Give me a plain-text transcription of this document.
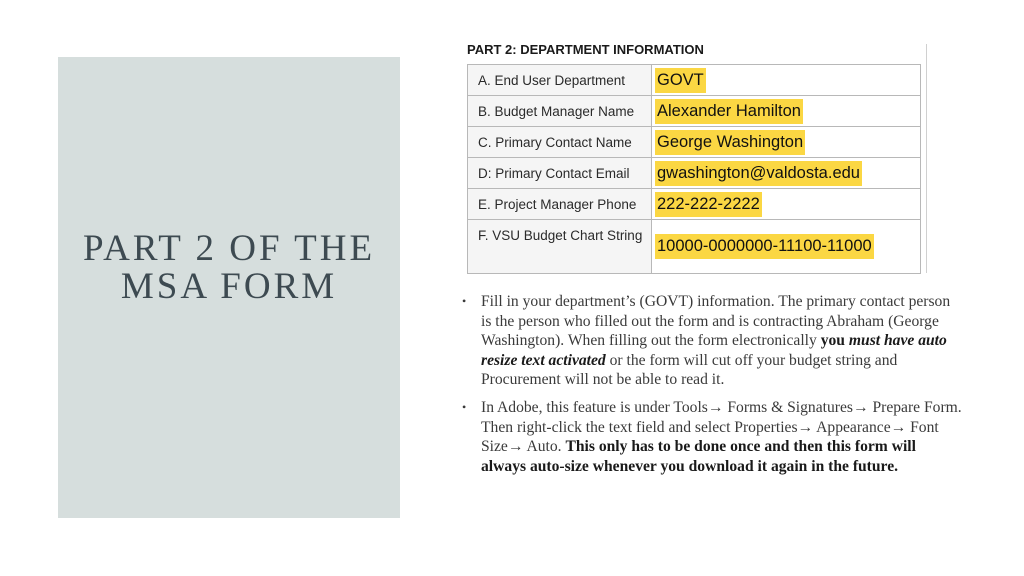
PART 2 OF THE MSA FORM
PART 2: DEPARTMENT INFORMATION
A. End User Department	GOVT
B. Budget Manager Name	Alexander Hamilton
C. Primary Contact Name	George Washington
D: Primary Contact Email	gwashington@valdosta.edu
E. Project Manager Phone	222-222-2222
F. VSU Budget Chart String	10000-0000000-11100-11000
• Fill in your department’s (GOVT) information. The primary contact person is the person who filled out the form and is contracting Abraham (George Washington). When filling out the form electronically you must have auto resize text activated or the form will cut off your budget string and Procurement will not be able to read it.
• In Adobe, this feature is under Tools→ Forms & Signatures→ Prepare Form. Then right-click the text field and select Properties→ Appearance→ Font Size→ Auto. This only has to be done once and then this form will always auto-size whenever you download it again in the future.
